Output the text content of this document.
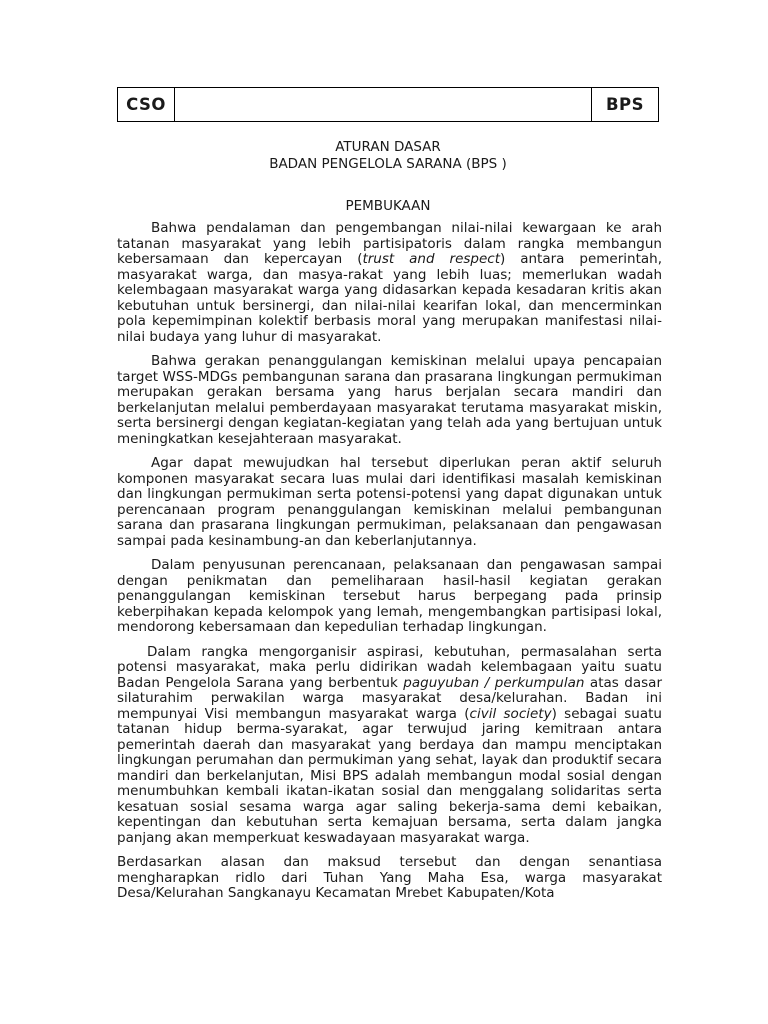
CSO	BPS
ATURAN DASAR
BADAN PENGELOLA SARANA (BPS )
PEMBUKAAN

Bahwa pendalaman dan pengembangan nilai-nilai kewargaan ke arah tatanan masyarakat yang lebih partisipatoris dalam rangka membangun kebersamaan dan kepercayan (trust and respect) antara pemerintah, masyarakat warga, dan masya-rakat yang lebih luas; memerlukan wadah kelembagaan masyarakat warga yang didasarkan kepada kesadaran kritis akan kebutuhan untuk bersinergi, dan nilai-nilai kearifan lokal, dan mencerminkan pola kepemimpinan kolektif berbasis moral yang merupakan manifestasi nilai-nilai budaya yang luhur di masyarakat.

Bahwa gerakan penanggulangan kemiskinan melalui upaya pencapaian target WSS-MDGs pembangunan sarana dan prasarana lingkungan permukiman merupakan gerakan bersama yang harus berjalan secara mandiri dan berkelanjutan melalui pemberdayaan masyarakat terutama masyarakat miskin, serta bersinergi dengan kegiatan-kegiatan yang telah ada yang bertujuan untuk meningkatkan kesejahteraan masyarakat.

Agar dapat mewujudkan hal tersebut diperlukan peran aktif seluruh komponen masyarakat secara luas mulai dari identifikasi masalah kemiskinan dan lingkungan permukiman serta potensi-potensi yang dapat digunakan untuk perencanaan program penanggulangan kemiskinan melalui pembangunan sarana dan prasarana lingkungan permukiman, pelaksanaan dan pengawasan sampai pada kesinambung-an dan keberlanjutannya.

Dalam penyusunan perencanaan, pelaksanaan dan pengawasan sampai dengan penikmatan dan pemeliharaan hasil-hasil kegiatan gerakan penanggulangan kemiskinan tersebut harus berpegang pada prinsip keberpihakan kepada kelompok yang lemah, mengembangkan partisipasi lokal, mendorong kebersamaan dan kepedulian terhadap lingkungan.

Dalam rangka mengorganisir aspirasi, kebutuhan, permasalahan serta potensi masyarakat, maka perlu didirikan wadah kelembagaan yaitu suatu Badan Pengelola Sarana yang berbentuk paguyuban / perkumpulan atas dasar silaturahim perwakilan warga masyarakat desa/kelurahan. Badan ini mempunyai Visi membangun masyarakat warga (civil society) sebagai suatu tatanan hidup berma-syarakat, agar terwujud jaring kemitraan antara pemerintah daerah dan masyarakat yang berdaya dan mampu menciptakan lingkungan perumahan dan permukiman yang sehat, layak dan produktif secara mandiri dan berkelanjutan, Misi BPS adalah membangun modal sosial dengan menumbuhkan kembali ikatan-ikatan sosial dan menggalang solidaritas serta kesatuan sosial sesama warga agar saling bekerja-sama demi kebaikan, kepentingan dan kebutuhan serta kemajuan bersama, serta dalam jangka panjang akan memperkuat keswadayaan masyarakat warga.

Berdasarkan alasan dan maksud tersebut dan dengan senantiasa mengharapkan ridlo dari Tuhan Yang Maha Esa, warga masyarakat Desa/Kelurahan Sangkanayu Kecamatan Mrebet Kabupaten/Kota
